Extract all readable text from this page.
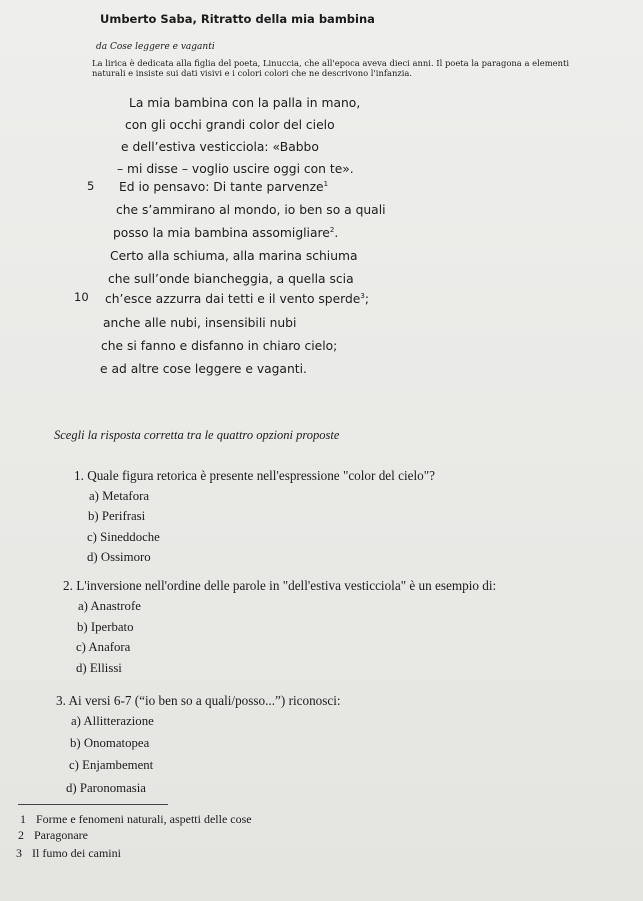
Umberto Saba, Ritratto della mia bambina
da Cose leggere e vaganti
La lirica è dedicata alla figlia del poeta, Linuccia, che all'epoca aveva dieci anni. Il poeta la paragona a elementi naturali e insiste sui dati visivi e i colori colori che ne descrivono l'infanzia.
La mia bambina con la palla in mano,
con gli occhi grandi color del cielo
e dell’estiva vesticciola: «Babbo
– mi disse – voglio uscire oggi con te».
5 Ed io pensavo: Di tante parvenze$^1$
che s’ammirano al mondo, io ben so a quali
posso la mia bambina assomigliare$^2$.
Certo alla schiuma, alla marina schiuma
che sull’onde biancheggia, a quella scia
10 ch’esce azzurra dai tetti e il vento sperde$^3$;
anche alle nubi, insensibili nubi
che si fanno e disfanno in chiaro cielo;
e ad altre cose leggere e vaganti.
Scegli la risposta corretta tra le quattro opzioni proposte
1. Quale figura retorica è presente nell'espressione "color del cielo"?
a) Metafora
b) Perifrasi
c) Sineddoche
d) Ossimoro
2. L'inversione nell'ordine delle parole in "dell'estiva vesticciola" è un esempio di:
a) Anastrofe
b) Iperbato
c) Anafora
d) Ellissi
3. Ai versi 6-7 (“io ben so a quali/posso...”) riconosci:
a) Allitterazione
b) Onomatopea
c) Enjambement
d) Paronomasia
1 Forme e fenomeni naturali, aspetti delle cose
2 Paragonare
3 Il fumo dei camini
